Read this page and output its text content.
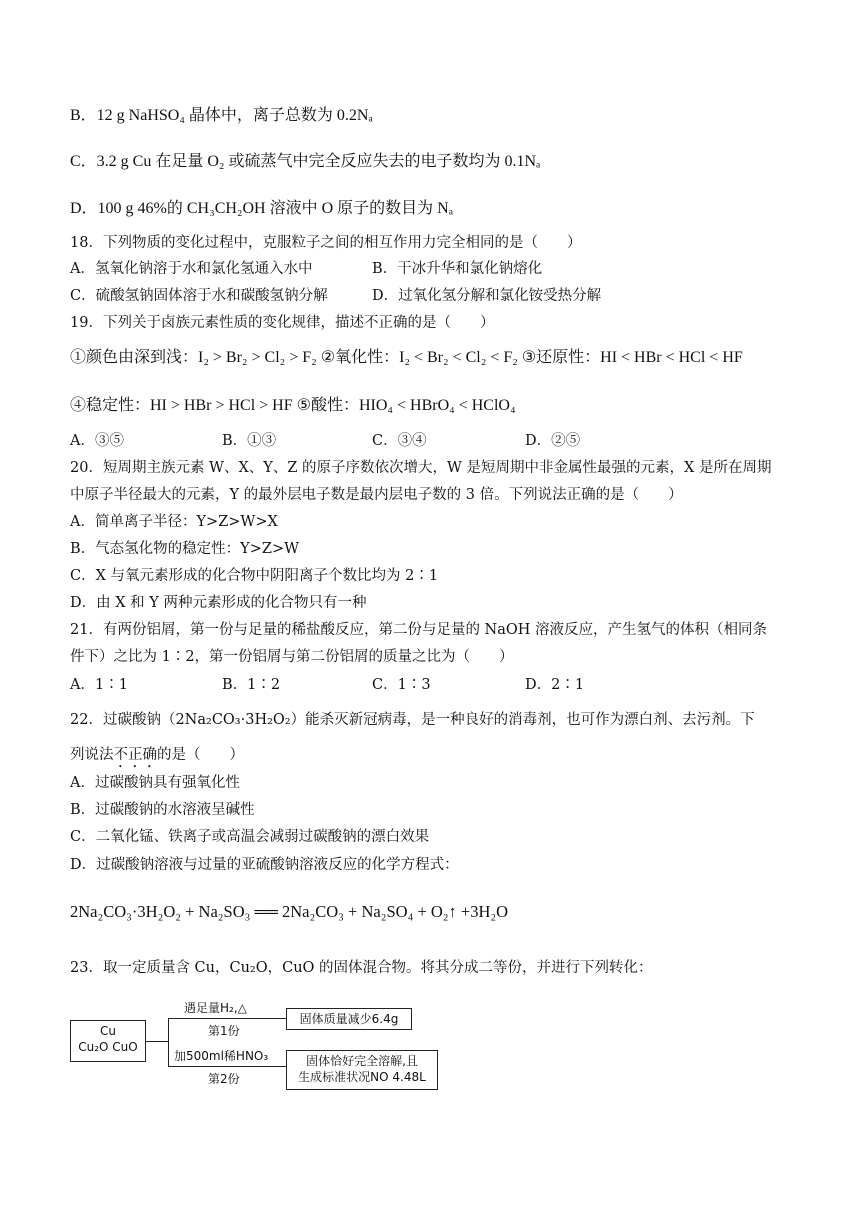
B．12 g NaHSO₄ 晶体中，离子总数为 0.2Nₐ
C．3.2 g Cu 在足量 O₂ 或硫蒸气中完全反应失去的电子数均为 0.1Nₐ
D．100 g 46%的 CH₃CH₂OH 溶液中 O 原子的数目为 Nₐ
18．下列物质的变化过程中，克服粒子之间的相互作用力完全相同的是（　　）
A．氢氧化钠溶于水和氯化氢通入水中	B．干冰升华和氯化钠熔化
C．硫酸氢钠固体溶于水和碳酸氢钠分解	D．过氧化氢分解和氯化铵受热分解
19．下列关于卤族元素性质的变化规律，描述不正确的是（　　）
①颜色由深到浅：I₂ > Br₂ > Cl₂ > F₂ ②氧化性：I₂ < Br₂ < Cl₂ < F₂ ③还原性：HI < HBr < HCl < HF
④稳定性：HI > HBr > HCl > HF ⑤酸性：HIO₄ < HBrO₄ < HClO₄
A．③⑤	B．①③	C．③④	D．②⑤
20．短周期主族元素 W、X、Y、Z 的原子序数依次增大，W 是短周期中非金属性最强的元素，X 是所在周期
中原子半径最大的元素，Y 的最外层电子数是最内层电子数的 3 倍。下列说法正确的是（　　）
A．简单离子半径：Y>Z>W>X
B．气态氢化物的稳定性：Y>Z>W
C．X 与氧元素形成的化合物中阴阳离子个数比均为 2∶1
D．由 X 和 Y 两种元素形成的化合物只有一种
21．有两份铝屑，第一份与足量的稀盐酸反应，第二份与足量的 NaOH 溶液反应，产生氢气的体积（相同条
件下）之比为 1∶2，第一份铝屑与第二份铝屑的质量之比为（　　）
A．1∶1	B．1∶2	C．1∶3	D．2∶1
22．过碳酸钠（2Na₂CO₃·3H₂O₂）能杀灭新冠病毒，是一种良好的消毒剂，也可作为漂白剂、去污剂。下
列说法不正确的是（　　）
A．过碳酸钠具有强氧化性
B．过碳酸钠的水溶液呈碱性
C．二氧化锰、铁离子或高温会减弱过碳酸钠的漂白效果
D．过碳酸钠溶液与过量的亚硫酸钠溶液反应的化学方程式：
2Na₂CO₃·3H₂O₂ + Na₂SO₃ ══ 2Na₂CO₃ + Na₂SO₄ + O₂↑ +3H₂O
23．取一定质量含 Cu，Cu₂O，CuO 的固体混合物。将其分成二等份，并进行下列转化：
Cu
Cu₂O CuO
遇足量H₂,△
第1份
固体质量减少6.4g
加500ml稀HNO₃
第2份
固体恰好完全溶解,且
生成标准状况NO 4.48L
